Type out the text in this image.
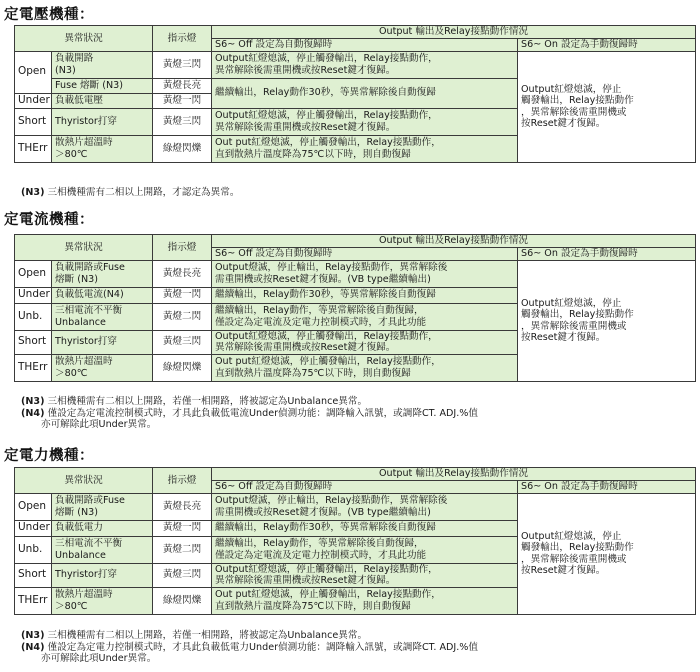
定電壓機種：
異常狀況		指示燈	Output 輸出及Relay接點動作情況	
			S6~ Off 設定為自動復歸時	S6~ On 設定為手動復歸時
Open	負載開路
(N3)	黃燈三閃	Output紅燈熄滅，停止觸發輸出，Relay接點動作，
異常解除後需重開機或按Reset鍵才復歸。	Output紅燈熄滅，停止
觸發輸出，Relay接點動作
，異常解除後需重開機或
按Reset鍵才復歸。
	Fuse 熔斷 (N3)	黃燈長亮	繼續輸出，Relay動作30秒，等異常解除後自動復歸	
Under	負載低電壓	黃燈一閃		
Short	Thyristor打穿	黃燈三閃	Output紅燈熄滅，停止觸發輸出，Relay接點動作，
異常解除後需重開機或按Reset鍵才復歸。	
THErr	散熱片超溫時
＞80℃	綠燈閃爍	Out put紅燈熄滅，停止觸發輸出，Relay接點動作，
直到散熱片溫度降為75℃以下時，則自動復歸	
(N3) 三相機種需有二相以上開路，才認定為異常。
定電流機種：
異常狀況		指示燈	Output 輸出及Relay接點動作情況	
			S6~ Off 設定為自動復歸時	S6~ On 設定為手動復歸時
Open	負載開路或Fuse
熔斷 (N3)	黃燈長亮	Output燈滅，停止輸出，Relay接點動作，異常解除後
需重開機或按Reset鍵才復歸。(VB type繼續輸出)	Output紅燈熄滅，停止
觸發輸出，Relay接點動作
，異常解除後需重開機或
按Reset鍵才復歸。
Under	負載低電流(N4)	黃燈一閃	繼續輸出，Relay動作30秒，等異常解除後自動復歸	
Unb.	三相電流不平衡
Unbalance	黃燈二閃	繼續輸出，Relay動作，等異常解除後自動復歸，
僅設定為定電流及定電力控制模式時，才具此功能	
Short	Thyristor打穿	黃燈三閃	Output紅燈熄滅，停止觸發輸出，Relay接點動作，
異常解除後需重開機或按Reset鍵才復歸。	
THErr	散熱片超溫時
＞80℃	綠燈閃爍	Out put紅燈熄滅，停止觸發輸出，Relay接點動作，
直到散熱片溫度降為75℃以下時，則自動復歸	
(N3) 三相機種需有二相以上開路，若僅一相開路，將被認定為Unbalance異常。
(N4) 僅設定為定電流控制模式時，才具此負載低電流Under偵測功能：調降輸入訊號，或調降CT. ADJ.%值
亦可解除此項Under異常。
定電力機種：
異常狀況		指示燈	Output 輸出及Relay接點動作情況	
			S6~ Off 設定為自動復歸時	S6~ On 設定為手動復歸時
Open	負載開路或Fuse
熔斷 (N3)	黃燈長亮	Output燈滅，停止輸出，Relay接點動作，異常解除後
需重開機或按Reset鍵才復歸。(VB type繼續輸出)	Output紅燈熄滅，停止
觸發輸出，Relay接點動作
，異常解除後需重開機或
按Reset鍵才復歸。
Under	負載低電力	黃燈一閃	繼續輸出，Relay動作30秒，等異常解除後自動復歸	
Unb.	三相電流不平衡
Unbalance	黃燈二閃	繼續輸出，Relay動作，等異常解除後自動復歸，
僅設定為定電流及定電力控制模式時，才具此功能	
Short	Thyristor打穿	黃燈三閃	Output紅燈熄滅，停止觸發輸出，Relay接點動作，
異常解除後需重開機或按Reset鍵才復歸。	
THErr	散熱片超溫時
＞80℃	綠燈閃爍	Out put紅燈熄滅，停止觸發輸出，Relay接點動作，
直到散熱片溫度降為75℃以下時，則自動復歸	
(N3) 三相機種需有二相以上開路，若僅一相開路，將被認定為Unbalance異常。
(N4) 僅設定為定電力控制模式時，才具此負載低電力Under偵測功能：調降輸入訊號，或調降CT. ADJ.%值
亦可解除此項Under異常。
